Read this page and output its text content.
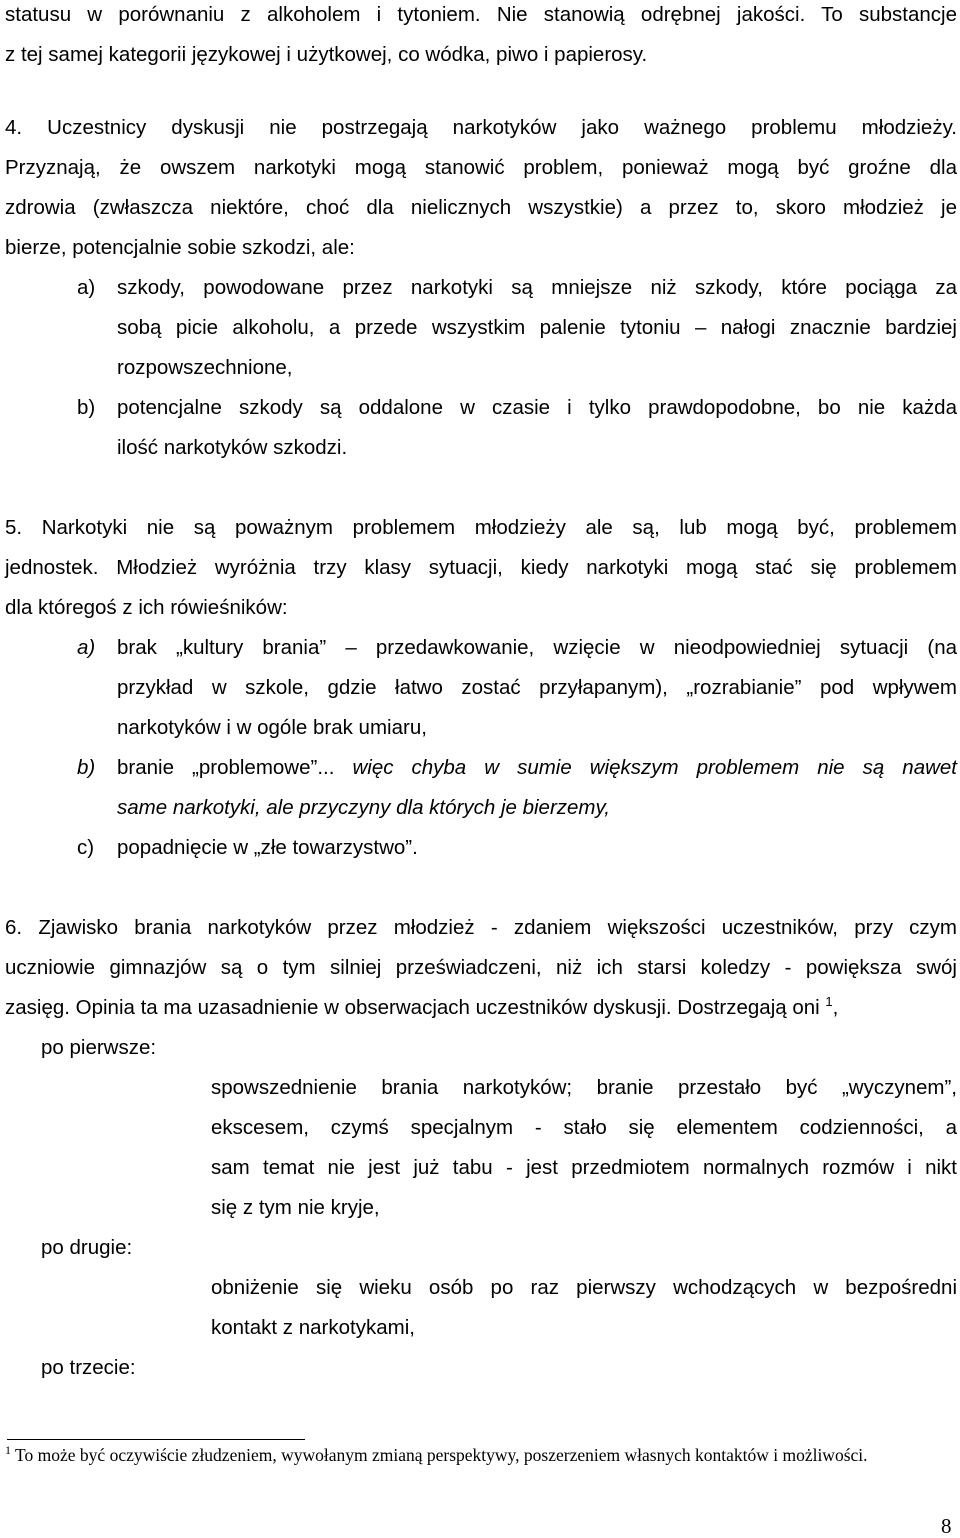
statusu w porównaniu z alkoholem i tytoniem. Nie stanowią odrębnej jakości. To substancje
z tej samej kategorii językowej i użytkowej, co wódka, piwo i papierosy.
4. Uczestnicy dyskusji nie postrzegają narkotyków jako ważnego problemu młodzieży.
Przyznają, że owszem narkotyki mogą stanowić problem, ponieważ mogą być groźne dla
zdrowia (zwłaszcza niektóre, choć dla nielicznych wszystkie) a przez to, skoro młodzież je
bierze, potencjalnie sobie szkodzi, ale:
a) szkody, powodowane przez narkotyki są mniejsze niż szkody, które pociąga za
sobą picie alkoholu, a przede wszystkim palenie tytoniu – nałogi znacznie bardziej
rozpowszechnione,
b) potencjalne szkody są oddalone w czasie i tylko prawdopodobne, bo nie każda
ilość narkotyków szkodzi.
5. Narkotyki nie są poważnym problemem młodzieży ale są, lub mogą być, problemem
jednostek. Młodzież wyróżnia trzy klasy sytuacji, kiedy narkotyki mogą stać się problemem
dla któregoś z ich rówieśników:
a) brak „kultury brania” – przedawkowanie, wzięcie w nieodpowiedniej sytuacji (na
przykład w szkole, gdzie łatwo zostać przyłapanym), „rozrabianie” pod wpływem
narkotyków i w ogóle brak umiaru,
b) branie „problemowe”... więc chyba w sumie większym problemem nie są nawet
same narkotyki, ale przyczyny dla których je bierzemy,
c) popadnięcie w „złe towarzystwo”.
6. Zjawisko brania narkotyków przez młodzież - zdaniem większości uczestników, przy czym
uczniowie gimnazjów są o tym silniej przeświadczeni, niż ich starsi koledzy - powiększa swój
zasięg. Opinia ta ma uzasadnienie w obserwacjach uczestników dyskusji. Dostrzegają oni $^1$,
po pierwsze:
spowszednienie brania narkotyków; branie przestało być „wyczynem”,
ekscesem, czymś specjalnym - stało się elementem codzienności, a
sam temat nie jest już tabu - jest przedmiotem normalnych rozmów i nikt
się z tym nie kryje,
po drugie:
obniżenie się wieku osób po raz pierwszy wchodzących w bezpośredni
kontakt z narkotykami,
po trzecie:
$^1$ To może być oczywiście złudzeniem, wywołanym zmianą perspektywy, poszerzeniem własnych kontaktów i możliwości.
8
